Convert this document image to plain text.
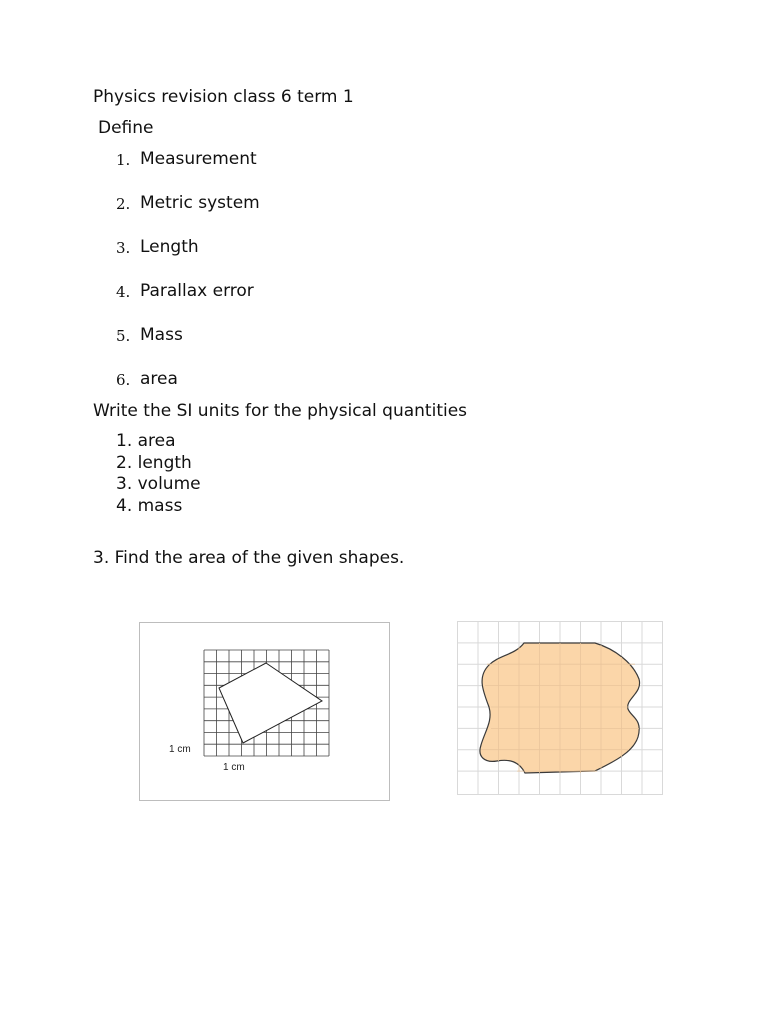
Physics revision class 6 term 1
Define
1. Measurement
2. Metric system
3. Length
4. Parallax error
5. Mass
6. area
Write the SI units for the physical quantities
1. area
2. length
3. volume
4. mass
3. Find the area of the given shapes.
1 cm
1 cm
